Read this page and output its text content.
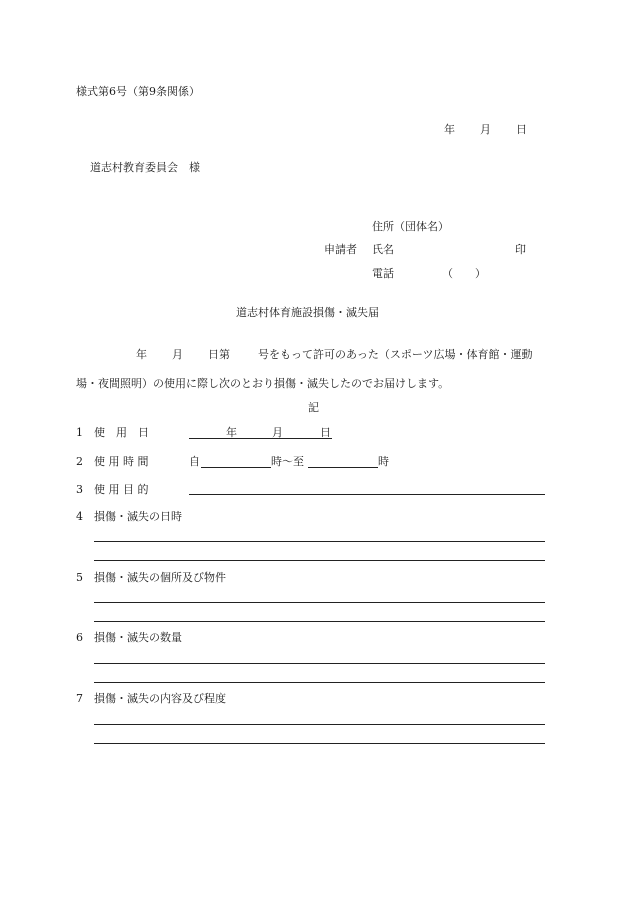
様式第6号（第9条関係）
年 月 日
道志村教育委員会　様
住所（団体名）
申請者 氏名	印
電話	（　　）
道志村体育施設損傷・滅失届
年 月 日第	号をもって許可のあった（スポーツ広場・体育館・運動
場・夜間照明）の使用に際し次のとおり損傷・滅失したのでお届けします。
記
1 使　用　日	年	月	日
2 使 用 時 間	自	時〜至	時
3 使 用 目 的
4 損傷・滅失の日時
5 損傷・滅失の個所及び物件
6 損傷・滅失の数量
7 損傷・滅失の内容及び程度
